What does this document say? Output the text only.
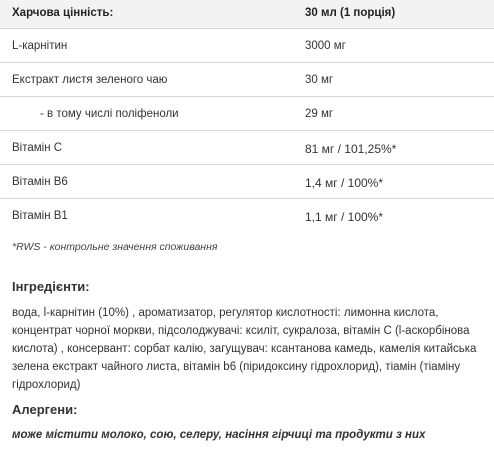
Харчова цінність:	30 мл (1 порція)
L-карнітин	3000 мг
Екстракт листя зеленого чаю	30 мг
- в тому числі поліфеноли	29 мг
Вітамін C	81 мг / 101,25%*
Вітамін B6	1,4 мг / 100%*
Вітамін B1	1,1 мг / 100%*
*RWS - контрольне значення споживання
Інгредієнти:
вода, l-карнітин (10%) , ароматизатор, регулятор кислотності: лимонна кислота,
концентрат чорної моркви, підсолоджувачі: ксиліт, сукралоза, вітамін С (l-аскорбінова
кислота) , консервант: сорбат калію, загущувач: ксантанова камедь, камелія китайська
зелена екстракт чайного листа, вітамін b6 (піридоксину гідрохлорид), тіамін (тіаміну
гідрохлорид)
Алергени:
може містити молоко, сою, селеру, насіння гірчиці та продукти з них
